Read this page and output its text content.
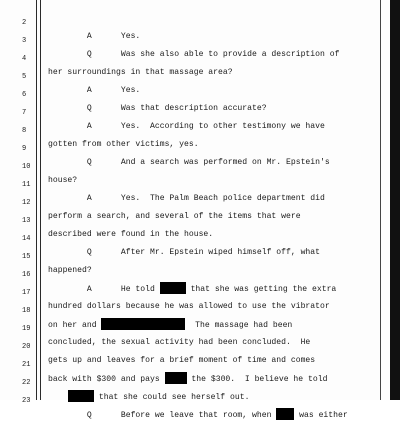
2

A      Yes.

3

Q      Was she also able to provide a description of

4

her surroundings in that massage area?

5

A      Yes.

6

Q      Was that description accurate?

7

A      Yes.  According to other testimony we have

8

gotten from other victims, yes.

9

Q      And a search was performed on Mr. Epstein's

10

house?

11

A      Yes.  The Palm Beach police department did

12

perform a search, and several of the items that were

13

described were found in the house.

14

Q      After Mr. Epstein wiped himself off, what

15

happened?

16

A      He told	that she was getting the extra

17

hundred dollars because he was allowed to use the vibrator

18

on her and	The massage had been

19

concluded, the sexual activity had been concluded.  He

20

gets up and leaves for a brief moment of time and comes

21

back with $300 and pays	the $300.  I believe he told

22

that she could see herself out.

23

Q      Before we leave that room, when  was either
